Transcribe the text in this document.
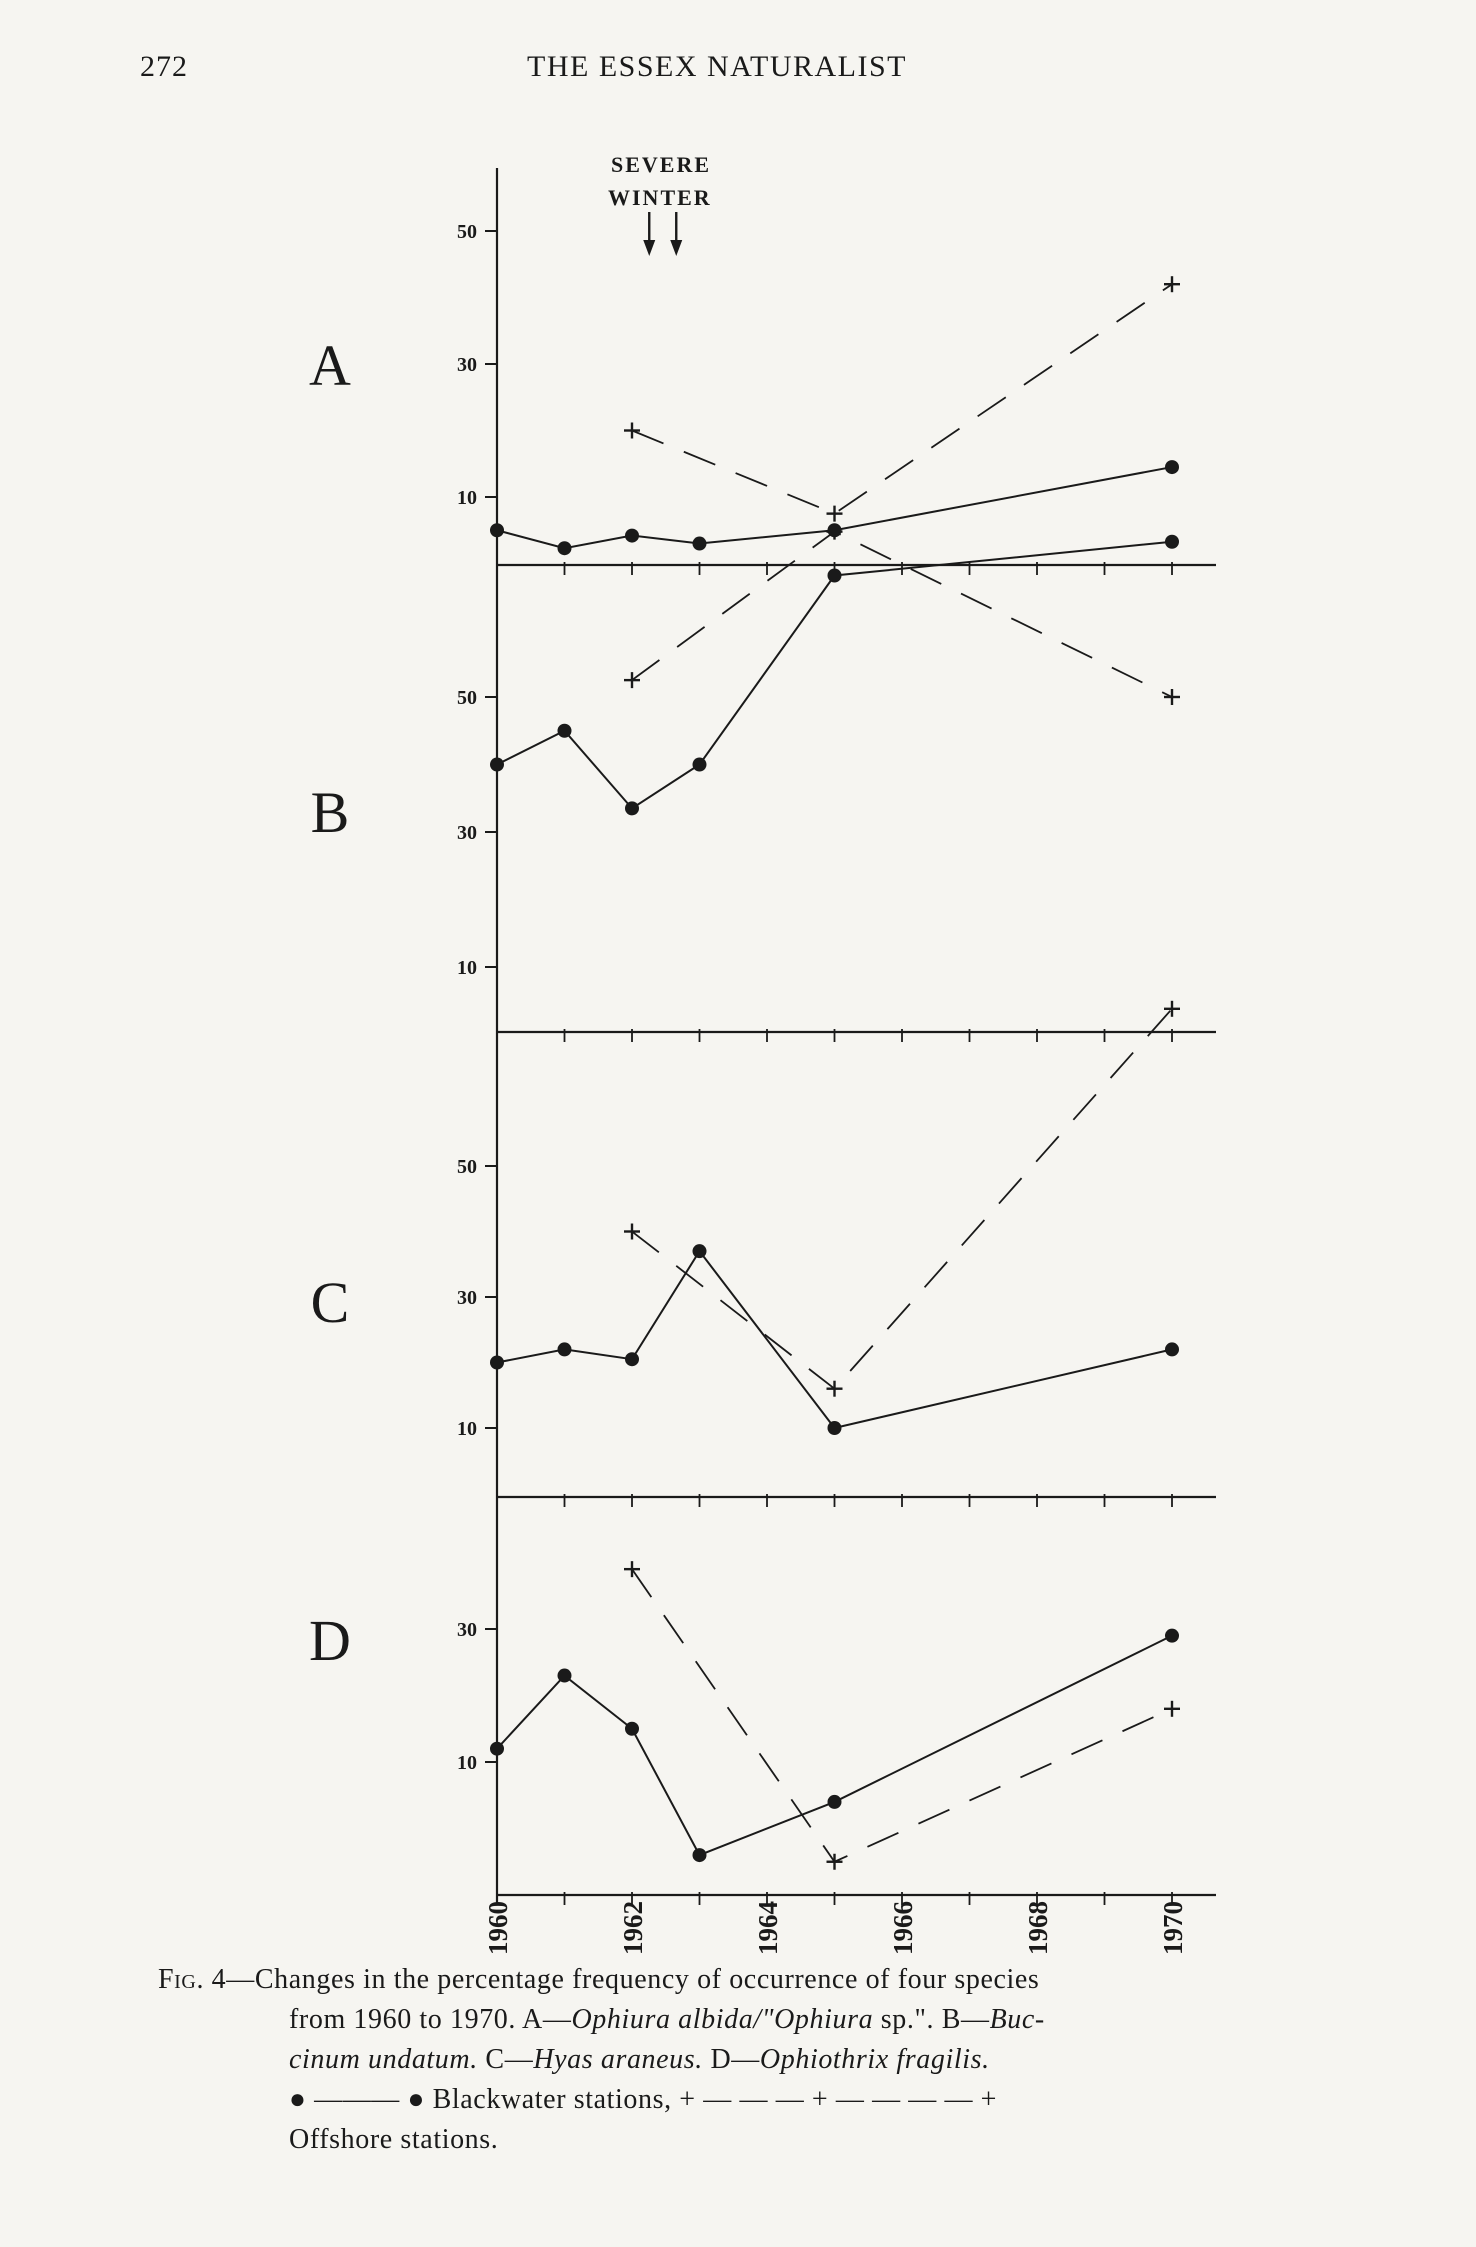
272	THE ESSEX NATURALIST
10
30
50
A
10
30
50
B
10
30
50
C
10
30
D
1960	1962	1964	1966	1968	1970
SEVERE
WINTER

Fig. 4—Changes in the percentage frequency of occurrence of four species

from 1960 to 1970. A—Ophiura albida/"Ophiura sp.". B—Buc-

cinum undatum. C—Hyas araneus. D—Ophiothrix fragilis.

● ——— ● Blackwater stations, + — — — + — — — — +

Offshore stations.
